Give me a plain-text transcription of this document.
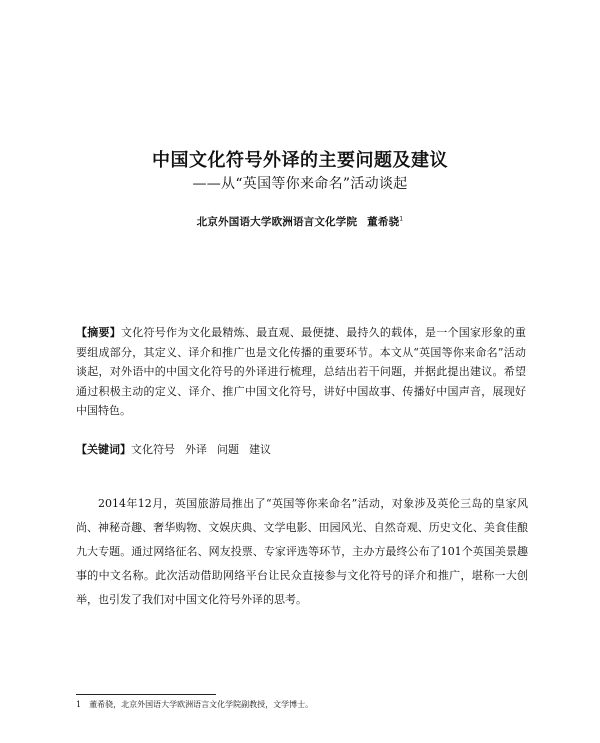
中国文化符号外译的主要问题及建议
——从“英国等你来命名”活动谈起
北京外国语大学欧洲语言文化学院 董希骁$^1$

【摘要】文化符号作为文化最精炼、最直观、最便捷、最持久的载体，是一个国家形象的重要组成部分，其定义、译介和推广也是文化传播的重要环节。本文从“英国等你来命名”活动谈起，对外语中的中国文化符号的外译进行梳理，总结出若干问题，并据此提出建议。希望通过积极主动的定义、译介、推广中国文化符号，讲好中国故事、传播好中国声音，展现好中国特色。

【关键词】文化符号 外译 问题 建议

2014年12月，英国旅游局推出了“英国等你来命名”活动，对象涉及英伦三岛的皇家风尚、神秘奇趣、奢华购物、文娱庆典、文学电影、田园风光、自然奇观、历史文化、美食佳酿九大专题。通过网络征名、网友投票、专家评选等环节，主办方最终公布了101个英国美景趣事的中文名称。此次活动借助网络平台让民众直接参与文化符号的译介和推广，堪称一大创举，也引发了我们对中国文化符号外译的思考。

1 董希骁，北京外国语大学欧洲语言文化学院副教授，文学博士。
